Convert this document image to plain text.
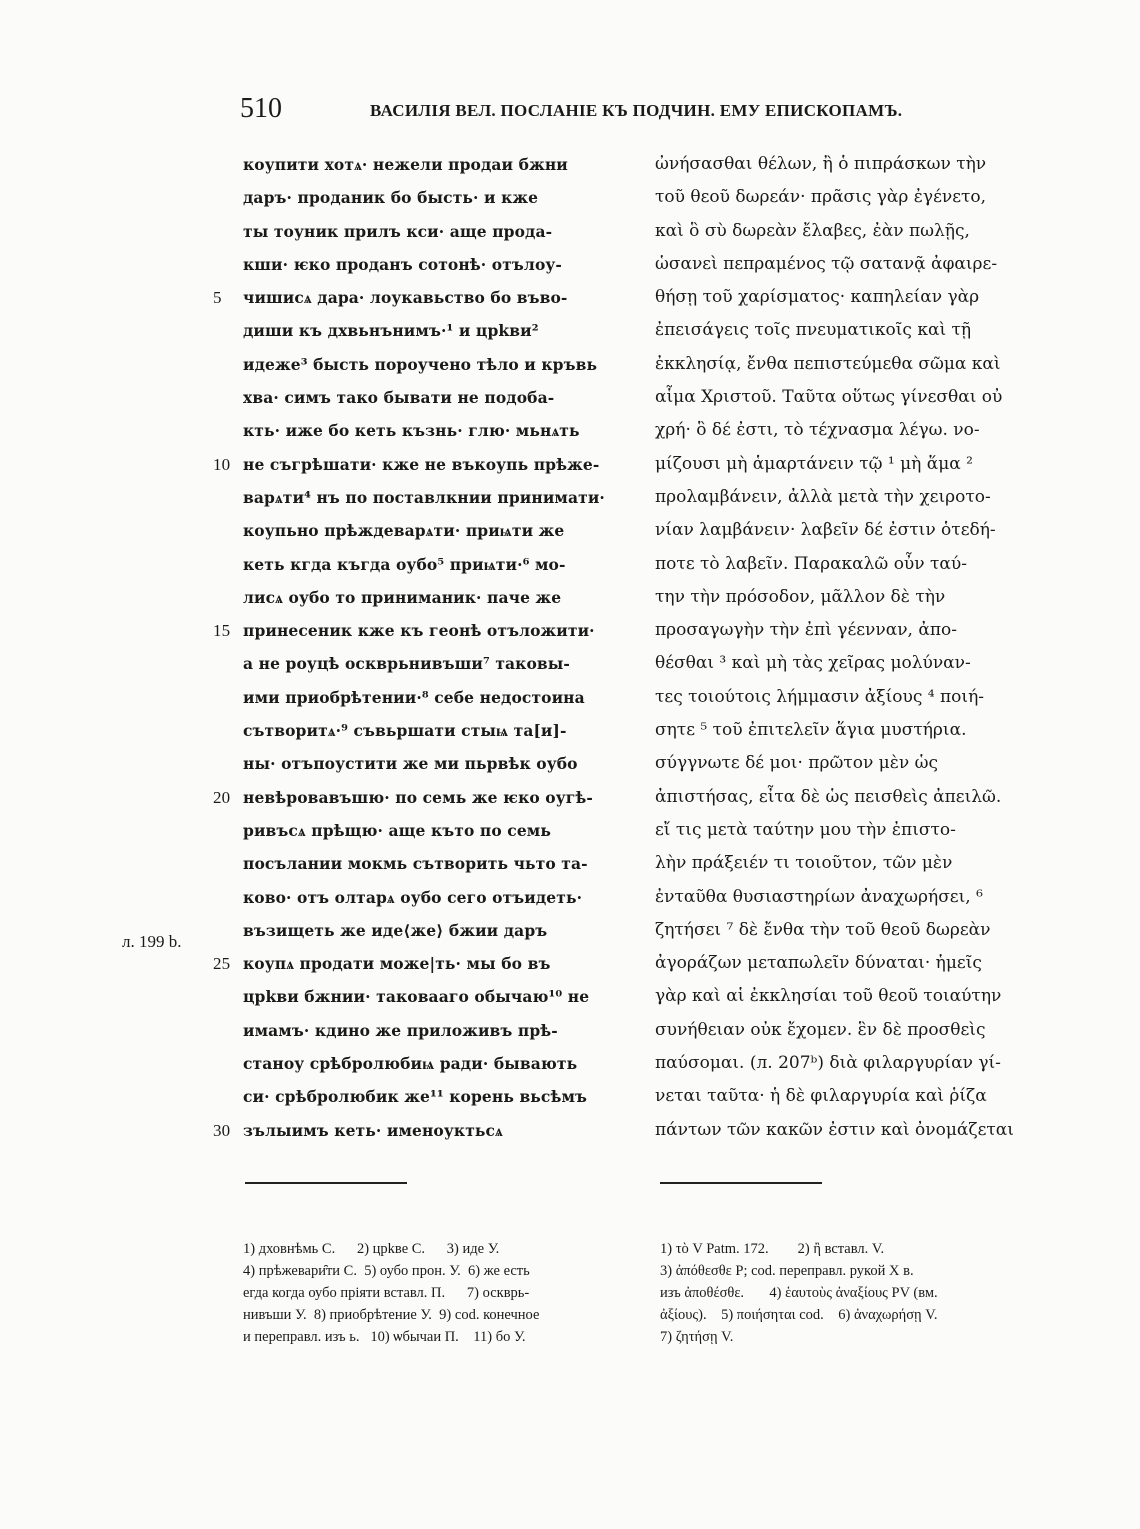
510	ВАСИЛІЯ ВЕЛ. ПОСЛАНІЕ КЪ ПОДЧИН. ЕМУ ЕПИСКОПАМЪ.
л. 199 b.
коупити хотѧ· нежели продаи бжни
даръ· проданик бо бысть· и кже
ты тоуник прилъ кси· аще прода-
кши· ѥко проданъ сотонѣ· отълоу-
5 чишисѧ дара· лоукавьство бо въво-
диши къ дхвьнънимъ·¹ и црkви²
идеже³ бысть пороучено тѣло и кръвь
хва· симъ тако бывати не подоба-
кть· иже бо кеть къзнь· глю· мьнѧть
10 не съгрѣшати· кже не въкоупь прѣже-
варѧти⁴ нъ по поставлкнии принимати·
коупьно прѣждеварѧти· приѩти же
кеть кгда къгда оубо⁵ приѩти·⁶ мо-
лисѧ оубо то приниманик· паче же
15 принесеник кже къ геонѣ отъложити·
а не роуцѣ оскврьнивъши⁷ таковы-
ими приобрѣтении·⁸ себе недостоина
сътворитѧ·⁹ съвьршати стыѩ та[и]-
ны· отъпоустити же ми пьрвѣк оубо
20 невѣровавъшю· по семь же ѥко оугѣ-
ривъсѧ прѣщю· аще къто по семь
посълании мокмь сътворить чьто та-
ково· отъ олтарѧ оубо сего отъидеть·
възищеть же иде⟨же⟩ бжии даръ
25 коупѧ продати може|ть· мы бо въ
црkви бжнии· таковааго обычаю¹⁰ не
имамъ· кдино же приложивъ прѣ-
станоу срѣбролюбиѩ ради· бывають
си· срѣбролюбик же¹¹ корень вьсѣмъ
30 зълыимъ кеть· именоуктьсѧ
ὠνήσασθαι θέλων, ἢ ὁ πιπράσκων τὴν
τοῦ θεοῦ δωρεάν· πρᾶσις γὰρ ἐγένετο,
καὶ ὃ σὺ δωρεὰν ἔλαβες, ἐὰν πωλῇς,
ὡσανεὶ πεπραμένος τῷ σατανᾷ ἀφαιρε-
θήσῃ τοῦ χαρίσματος· καπηλείαν γὰρ
ἐπεισάγεις τοῖς πνευματικοῖς καὶ τῇ
ἐκκλησίᾳ, ἔνθα πεπιστεύμεθα σῶμα καὶ
αἷμα Χριστοῦ. Ταῦτα οὕτως γίνεσθαι οὐ
χρή· ὃ δέ ἐστι, τὸ τέχνασμα λέγω. νο-
μίζουσι μὴ ἁμαρτάνειν τῷ ¹ μὴ ἅμα ²
προλαμβάνειν, ἀλλὰ μετὰ τὴν χειροτο-
νίαν λαμβάνειν· λαβεῖν δέ ἐστιν ὁτεδή-
ποτε τὸ λαβεῖν. Παρακαλῶ οὖν ταύ-
την τὴν πρόσοδον, μᾶλλον δὲ τὴν
προσαγωγὴν τὴν ἐπὶ γέενναν, ἀπο-
θέσθαι ³ καὶ μὴ τὰς χεῖρας μολύναν-
τες τοιούτοις λήμμασιν ἀξίους ⁴ ποιή-
σητε ⁵ τοῦ ἐπιτελεῖν ἅγια μυστήρια.
σύγγνωτε δέ μοι· πρῶτον μὲν ὡς
ἀπιστήσας, εἶτα δὲ ὡς πεισθεὶς ἀπειλῶ.
εἴ τις μετὰ ταύτην μου τὴν ἐπιστο-
λὴν πράξειέν τι τοιοῦτον, τῶν μὲν
ἐνταῦθα θυσιαστηρίων ἀναχωρήσει, ⁶
ζητήσει ⁷ δὲ ἔνθα τὴν τοῦ θεοῦ δωρεὰν
ἀγοράζων μεταπωλεῖν δύναται· ἡμεῖς
γὰρ καὶ αἱ ἐκκλησίαι τοῦ θεοῦ τοιαύτην
συνήθειαν οὐκ ἔχομεν. ἓν δὲ προσθεὶς
παύσομαι. (л. 207ᵇ) διὰ φιλαργυρίαν γί-
νεται ταῦτα· ἡ δὲ φιλαργυρία καὶ ῥίζα
πάντων τῶν κακῶν ἐστιν καὶ ὀνομάζεται
1) дховнѣмь С.      2) црkве С.      3) иде У.
4) прѣжевари̑ти С.  5) оубо прон. У.  6) же есть
егда когда оубо пріяти вставл. П.      7) оскврь-
нивъши У.  8) приобрѣтение У.  9) cod. конечное
и переправл. изъ ь.   10) ѡбычаи П.    11) бо У.
1) τὸ V Patm. 172.        2) ἢ вставл. V.
3) ἀπόθεσθε P; cod. переправл. рукой X в.
изъ ἀποθέσθε.       4) ἑαυτοὺς ἀναξίους PV (вм.
ἀξίους).    5) ποιήσηται cod.    6) ἀναχωρήσῃ V.
7) ζητήσῃ V.
